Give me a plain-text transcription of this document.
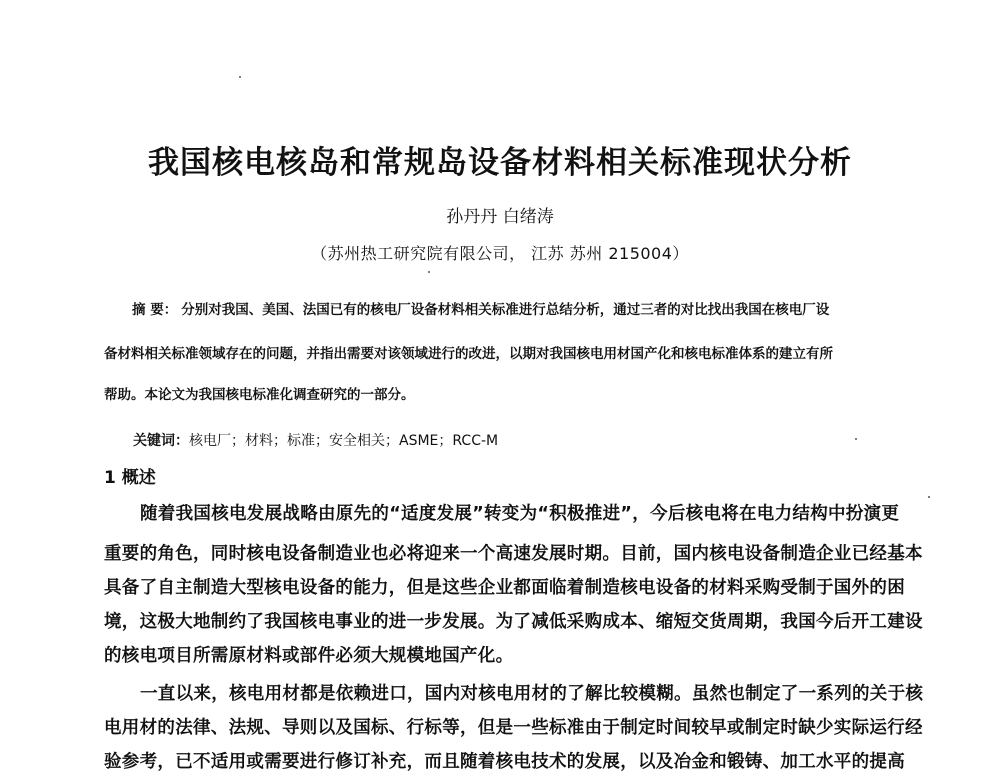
我国核电核岛和常规岛设备材料相关标准现状分析
孙丹丹 白绪涛
（苏州热工研究院有限公司， 江苏 苏州 215004）
摘 要： 分别对我国、美国、法国已有的核电厂设备材料相关标准进行总结分析，通过三者的对比找出我国在核电厂设
备材料相关标准领域存在的问题，并指出需要对该领域进行的改进，以期对我国核电用材国产化和核电标准体系的建立有所
帮助。本论文为我国核电标准化调查研究的一部分。
关键词：核电厂；材料；标准；安全相关；ASME；RCC-M
1 概述
随着我国核电发展战略由原先的“适度发展”转变为“积极推进”，今后核电将在电力结构中扮演更
重要的角色，同时核电设备制造业也必将迎来一个高速发展时期。目前，国内核电设备制造企业已经基本
具备了自主制造大型核电设备的能力，但是这些企业都面临着制造核电设备的材料采购受制于国外的困
境，这极大地制约了我国核电事业的进一步发展。为了减低采购成本、缩短交货周期，我国今后开工建设
的核电项目所需原材料或部件必须大规模地国产化。
一直以来，核电用材都是依赖进口，国内对核电用材的了解比较模糊。虽然也制定了一系列的关于核
电用材的法律、法规、导则以及国标、行标等，但是一些标准由于制定时间较早或制定时缺少实际运行经
验参考，已不适用或需要进行修订补充，而且随着核电技术的发展，以及冶金和锻铸、加工水平的提高
